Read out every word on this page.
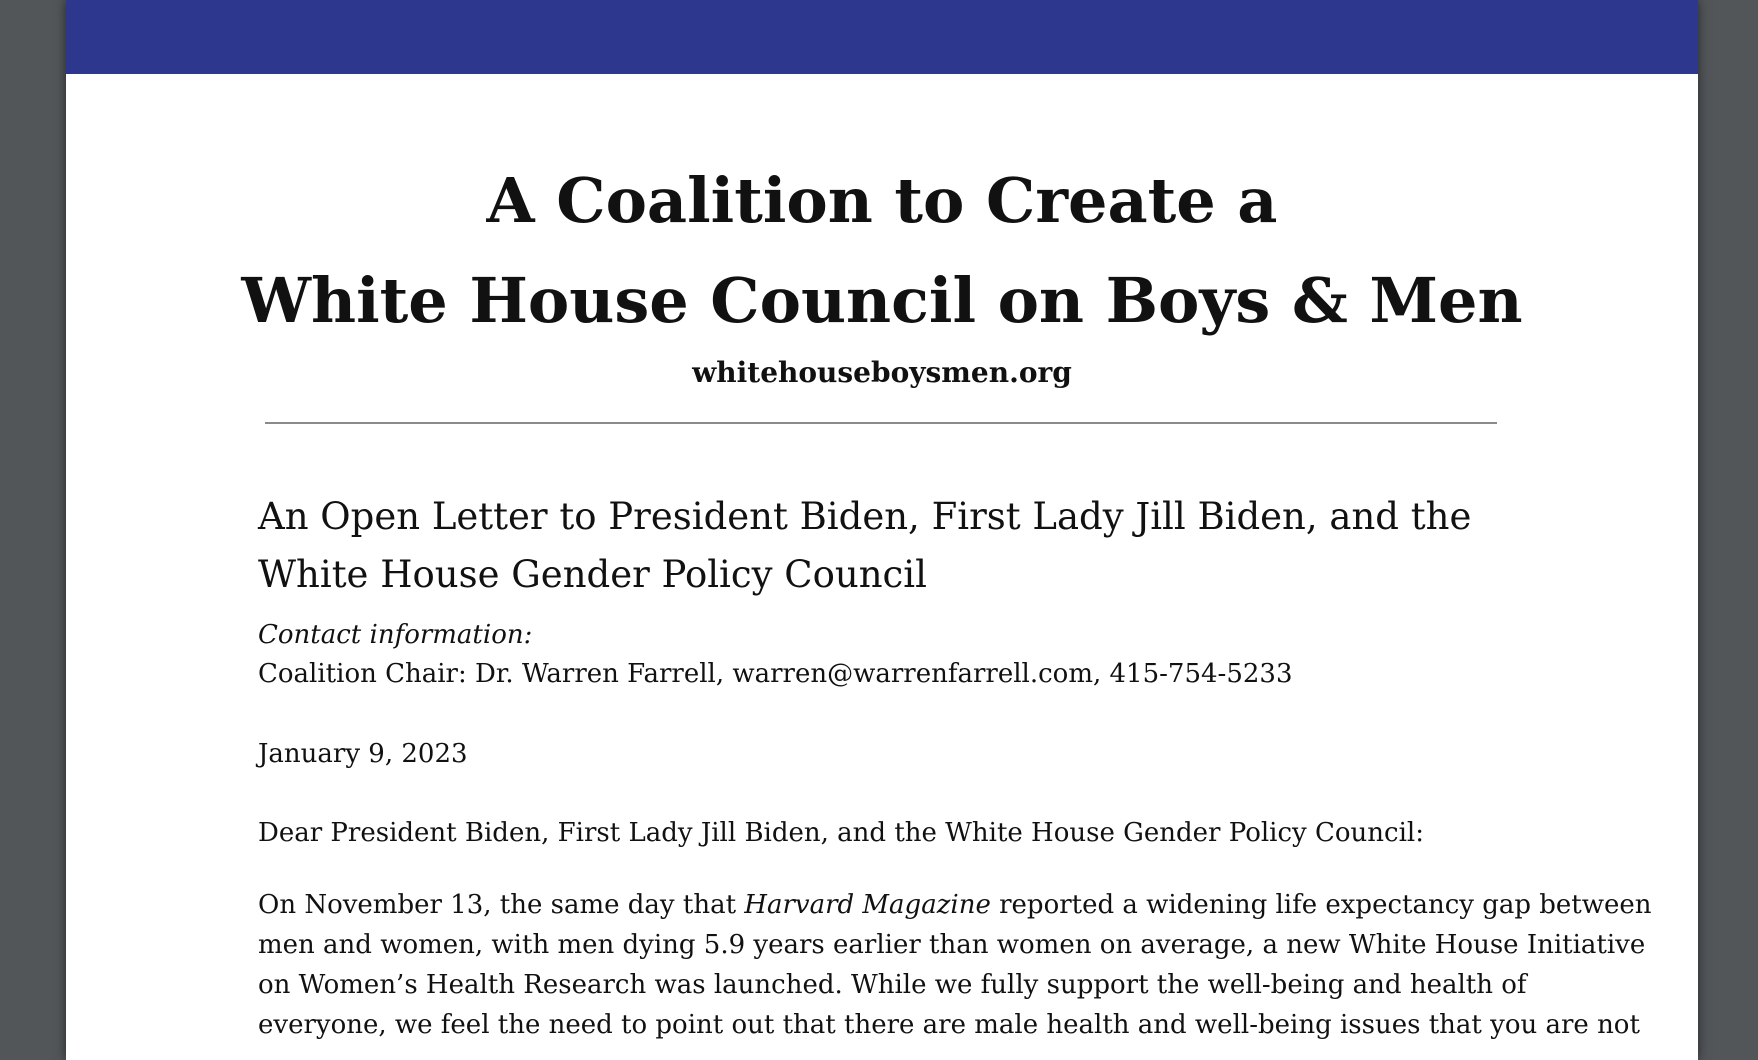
A Coalition to Create a
White House Council on Boys & Men
whitehouseboysmen.org
An Open Letter to President Biden, First Lady Jill Biden, and the
White House Gender Policy Council
Contact information:
Coalition Chair: Dr. Warren Farrell, warren@warrenfarrell.com, 415-754-5233
January 9, 2023
Dear President Biden, First Lady Jill Biden, and the White House Gender Policy Council:
On November 13, the same day that Harvard Magazine reported a widening life expectancy gap between
men and women, with men dying 5.9 years earlier than women on average, a new White House Initiative
on Women’s Health Research was launched. While we fully support the well-being and health of
everyone, we feel the need to point out that there are male health and well-being issues that you are not
